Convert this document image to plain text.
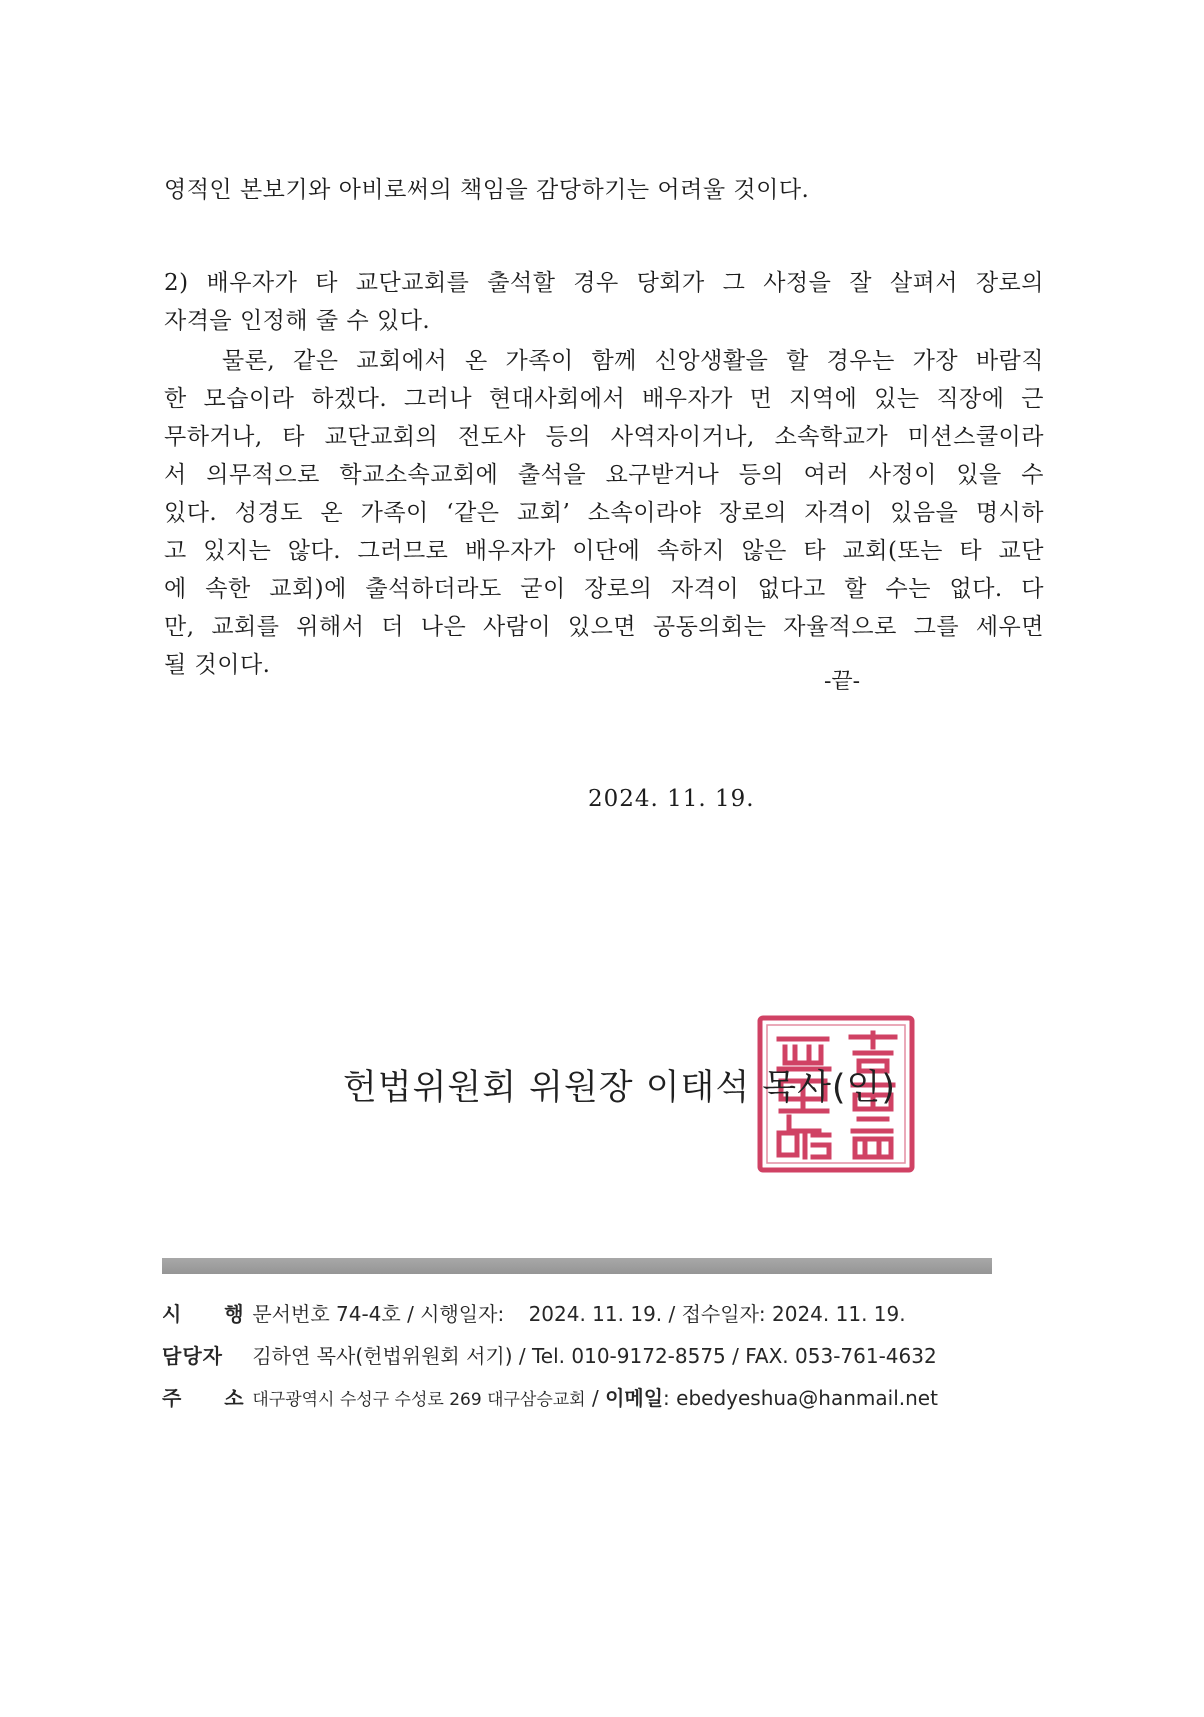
영적인 본보기와 아비로써의 책임을 감당하기는 어려울 것이다.
2) 배우자가 타 교단교회를 출석할 경우 당회가 그 사정을 잘 살펴서 장로의
자격을 인정해 줄 수 있다.
물론, 같은 교회에서 온 가족이 함께 신앙생활을 할 경우는 가장 바람직
한 모습이라 하겠다. 그러나 현대사회에서 배우자가 먼 지역에 있는 직장에 근
무하거나, 타 교단교회의 전도사 등의 사역자이거나, 소속학교가 미션스쿨이라
서 의무적으로 학교소속교회에 출석을 요구받거나 등의 여러 사정이 있을 수
있다. 성경도 온 가족이 ‘같은 교회’ 소속이라야 장로의 자격이 있음을 명시하
고 있지는 않다. 그러므로 배우자가 이단에 속하지 않은 타 교회(또는 타 교단
에 속한 교회)에 출석하더라도 굳이 장로의 자격이 없다고 할 수는 없다. 다
만, 교회를 위해서 더 나은 사람이 있으면 공동의회는 자율적으로 그를 세우면
될 것이다.
-끝-
2024. 11. 19.
헌법위원회 위원장 이태석 목사(인)
시 행 문서번호 74-4호 / 시행일자: 2024. 11. 19. / 접수일자: 2024. 11. 19.
담당자 김하연 목사(헌법위원회 서기) / Tel. 010-9172-8575 / FAX. 053-761-4632
주 소 대구광역시 수성구 수성로 269 대구삼승교회 / 이메일: ebedyeshua@hanmail.net
